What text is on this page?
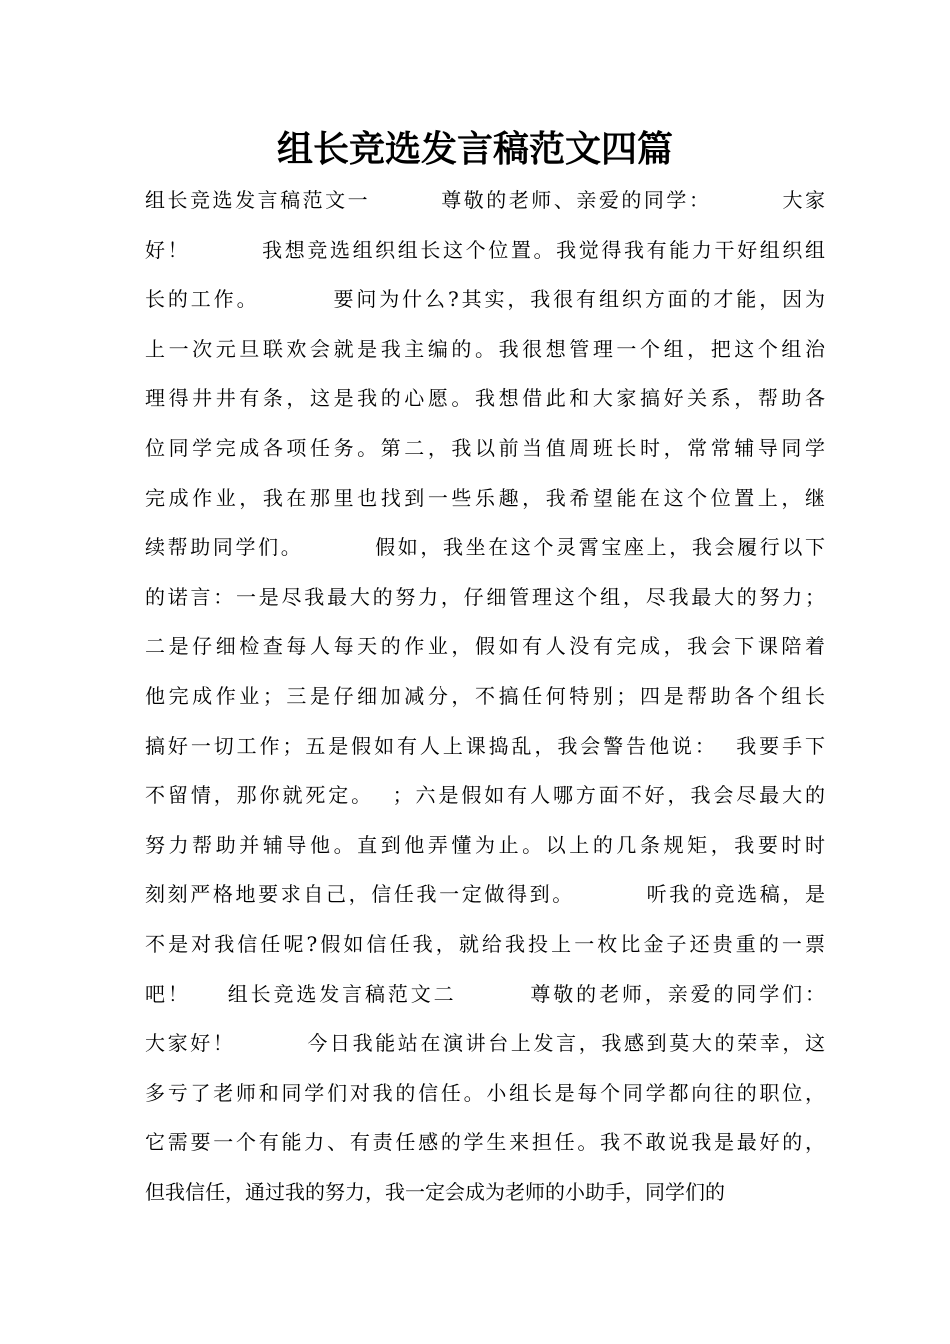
组长竞选发言稿范文四篇
组长竞选发言稿范文一        尊敬的老师、亲爱的同学：        大家
好！        我想竞选组织组长这个位置。我觉得我有能力干好组织组
长的工作。        要问为什么?其实，我很有组织方面的才能，因为
上一次元旦联欢会就是我主编的。我很想管理一个组，把这个组治
理得井井有条，这是我的心愿。我想借此和大家搞好关系，帮助各
位同学完成各项任务。第二，我以前当值周班长时，常常辅导同学
完成作业，我在那里也找到一些乐趣，我希望能在这个位置上，继
续帮助同学们。        假如，我坐在这个灵霄宝座上，我会履行以下
的诺言：一是尽我最大的努力，仔细管理这个组，尽我最大的努力；
二是仔细检查每人每天的作业，假如有人没有完成，我会下课陪着
他完成作业；三是仔细加减分，不搞任何特别；四是帮助各个组长
搞好一切工作；五是假如有人上课捣乱，我会警告他说：  我要手下
不留情，那你就死定。  ；六是假如有人哪方面不好，我会尽最大的
努力帮助并辅导他。直到他弄懂为止。以上的几条规矩，我要时时
刻刻严格地要求自己，信任我一定做得到。        听我的竞选稿，是
不是对我信任呢?假如信任我，就给我投上一枚比金子还贵重的一票
吧！    组长竞选发言稿范文二        尊敬的老师，亲爱的同学们：
大家好！        今日我能站在演讲台上发言，我感到莫大的荣幸，这
多亏了老师和同学们对我的信任。小组长是每个同学都向往的职位，
它需要一个有能力、有责任感的学生来担任。我不敢说我是最好的，
但我信任，通过我的努力，我一定会成为老师的小助手，同学们的
